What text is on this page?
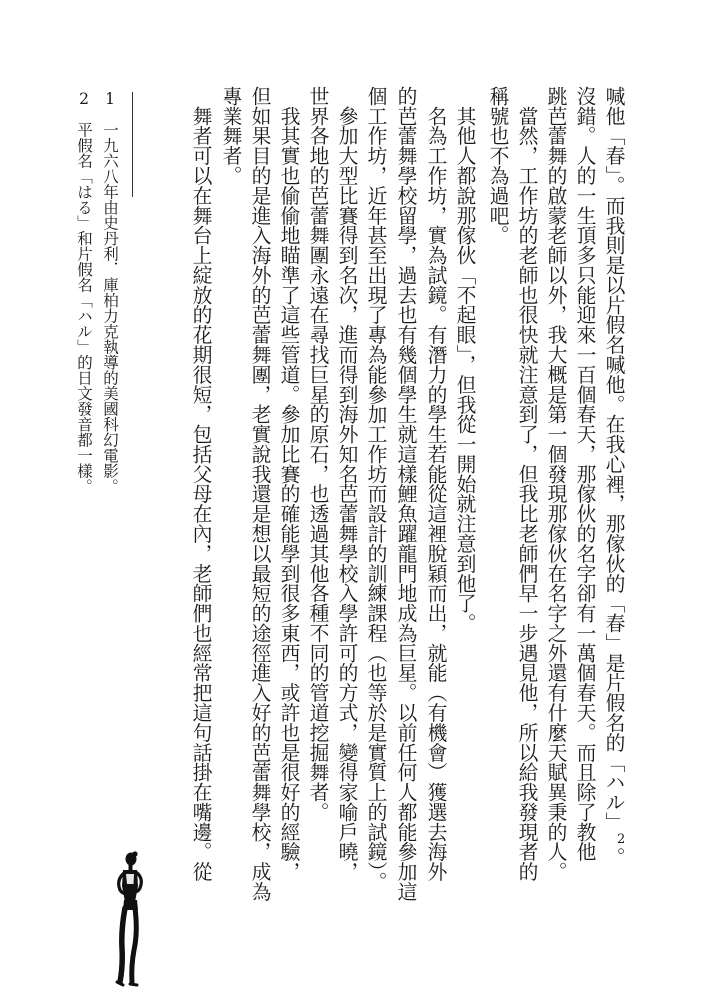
喊他「春」。而我則是以片假名喊他。在我心裡，那傢伙的「春」是片假名的「ハル」$^2$。
沒錯。人的一生頂多只能迎來一百個春天，那傢伙的名字卻有一萬個春天。而且除了教他
跳芭蕾舞的啟蒙老師以外，我大概是第一個發現那傢伙在名字之外還有什麼天賦異秉的人。
　當然，工作坊的老師也很快就注意到了，但我比老師們早一步遇見他，所以給我發現者的
稱號也不為過吧。
　其他人都說那傢伙「不起眼」，但我從一開始就注意到他了。
　名為工作坊，實為試鏡。有潛力的學生若能從這裡脫穎而出，就能（有機會）獲選去海外
的芭蕾舞學校留學，過去也有幾個學生就這樣鯉魚躍龍門地成為巨星。以前任何人都能參加這
個工作坊，近年甚至出現了專為能參加工作坊而設計的訓練課程（也等於是實質上的試鏡）。
　參加大型比賽得到名次，進而得到海外知名芭蕾舞學校入學許可的方式，變得家喻戶曉，
世界各地的芭蕾舞團永遠在尋找巨星的原石，也透過其他各種不同的管道挖掘舞者。
　我其實也偷偷地瞄準了這些管道。參加比賽的確能學到很多東西，或許也是很好的經驗，
但如果目的是進入海外的芭蕾舞團，老實說我還是想以最短的途徑進入好的芭蕾舞學校，成為
專業舞者。
　舞者可以在舞台上綻放的花期很短，包括父母在內，老師們也經常把這句話掛在嘴邊。從
1一九六八年由史丹利．庫柏力克執導的美國科幻電影。
2平假名「はる」和片假名「ハル」的日文發音都一樣。
